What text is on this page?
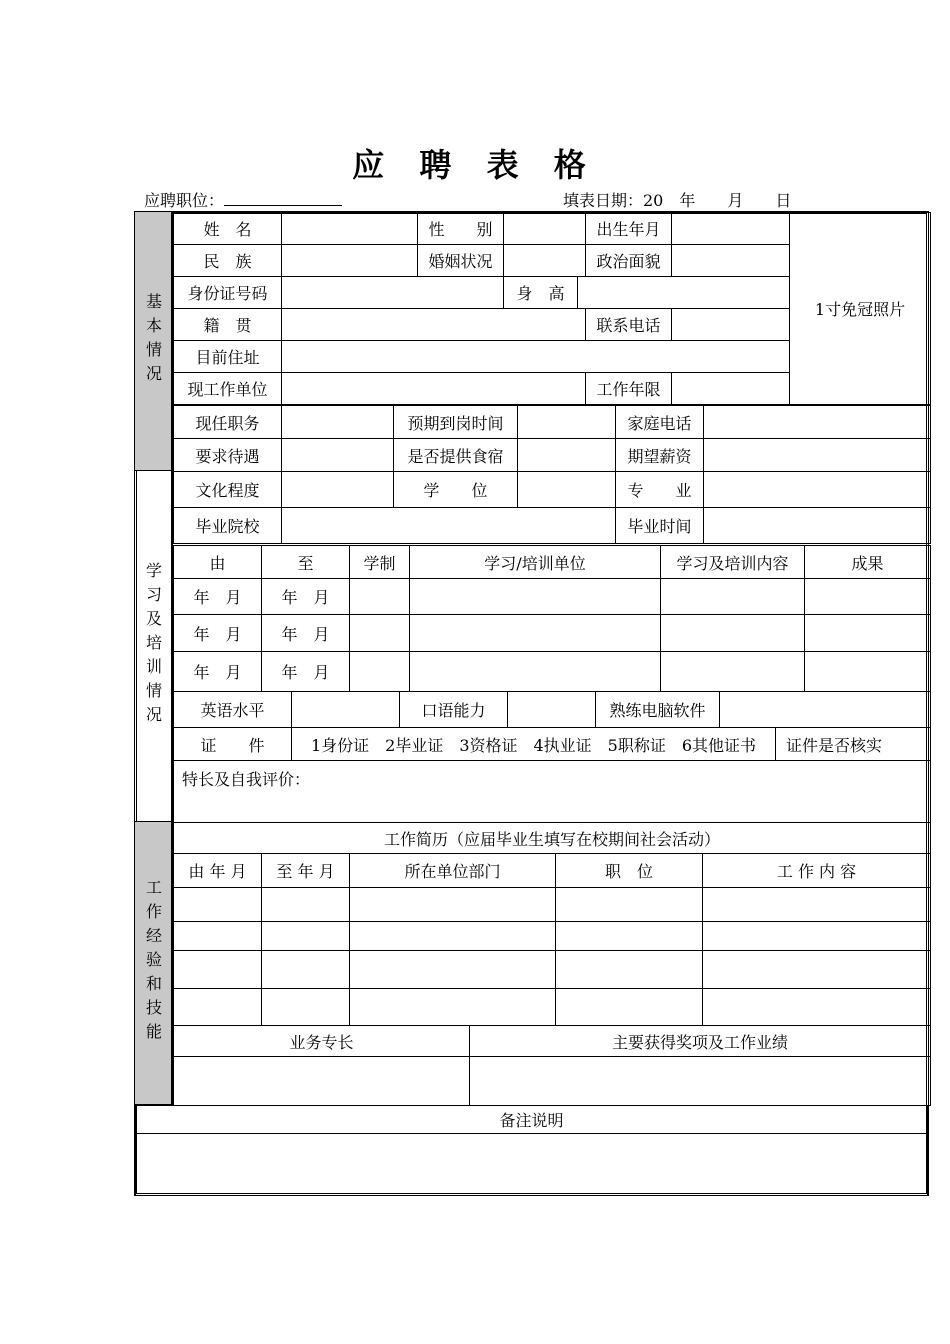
应 聘 表 格
应聘职位：	填表日期：20　年　　月　　日
基本情况
学习及培训情况
工作经验和技能
姓　名		性　　别			出生年月		1寸免冠照片
民　族		婚姻状况			政治面貌		
身份证号码			身　高				
籍　贯					联系电话		
目前住址							
现工作单位					工作年限		
现任职务		预期到岗时间		家庭电话	
要求待遇		是否提供食宿		期望薪资	
文化程度		学　　位		专　　业	
毕业院校				毕业时间	
由	至	学制	学习/培训单位	学习及培训内容	成果
年　月	年　月				
年　月	年　月				
年　月	年　月				
英语水平		口语能力		熟练电脑软件	
证　　件	1身份证　2毕业证　3资格证　4执业证　5职称证　6其他证书	证件是否核实
特长及自我评价：
工作简历（应届毕业生填写在校期间社会活动）				
由 年 月	至 年 月	所在单位部门	职　位	工 作 内 容

业务专长	主要获得奖项及工作业绩

备注说明
